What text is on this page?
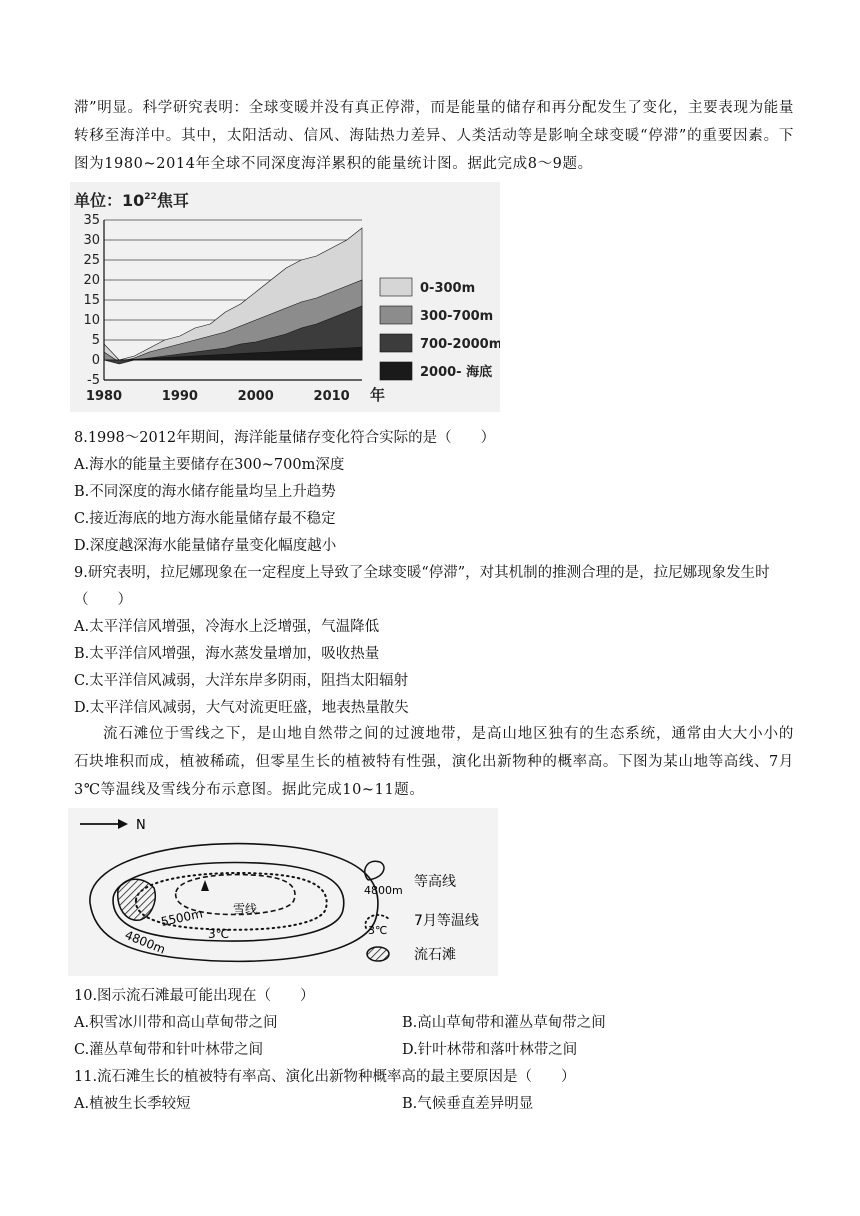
滞”明显。科学研究表明：全球变暖并没有真正停滞，而是能量的储存和再分配发生了变化，主要表现为能量转移至海洋中。其中，太阳活动、信风、海陆热力差异、人类活动等是影响全球变暖“停滞”的重要因素。下图为1980~2014年全球不同深度海洋累积的能量统计图。据此完成8～9题。

单位：$10^{22}$焦耳
35
30
25
20
15
10
5
0
-5
1980	1990	2000	2010 年
0-300m
300-700m
700-2000m
2000- 海底

8.1998～2012年期间，海洋能量储存变化符合实际的是（　　）

A.海水的能量主要储存在300~700m深度

B.不同深度的海水储存能量均呈上升趋势

C.接近海底的地方海水能量储存最不稳定

D.深度越深海水能量储存量变化幅度越小

9.研究表明，拉尼娜现象在一定程度上导致了全球变暖“停滞”，对其机制的推测合理的是，拉尼娜现象发生时

（　　）

A.太平洋信风增强，冷海水上泛增强，气温降低

B.太平洋信风增强，海水蒸发量增加，吸收热量

C.太平洋信风减弱，大洋东岸多阴雨，阻挡太阳辐射

D.太平洋信风减弱，大气对流更旺盛，地表热量散失

流石滩位于雪线之下，是山地自然带之间的过渡地带，是高山地区独有的生态系统，通常由大大小小的石块堆积而成，植被稀疏，但零星生长的植被特有性强，演化出新物种的概率高。下图为某山地等高线、7月3℃等温线及雪线分布示意图。据此完成10~11题。

N
雪线
5500m
4800m	3℃
4800m
等高线
3℃
7月等温线
流石滩

10.图示流石滩最可能出现在（　　）

A.积雪冰川带和高山草甸带之间	B.高山草甸带和灌丛草甸带之间

C.灌丛草甸带和针叶林带之间	D.针叶林带和落叶林带之间

11.流石滩生长的植被特有率高、演化出新物种概率高的最主要原因是（　　）

A.植被生长季较短	B.气候垂直差异明显
